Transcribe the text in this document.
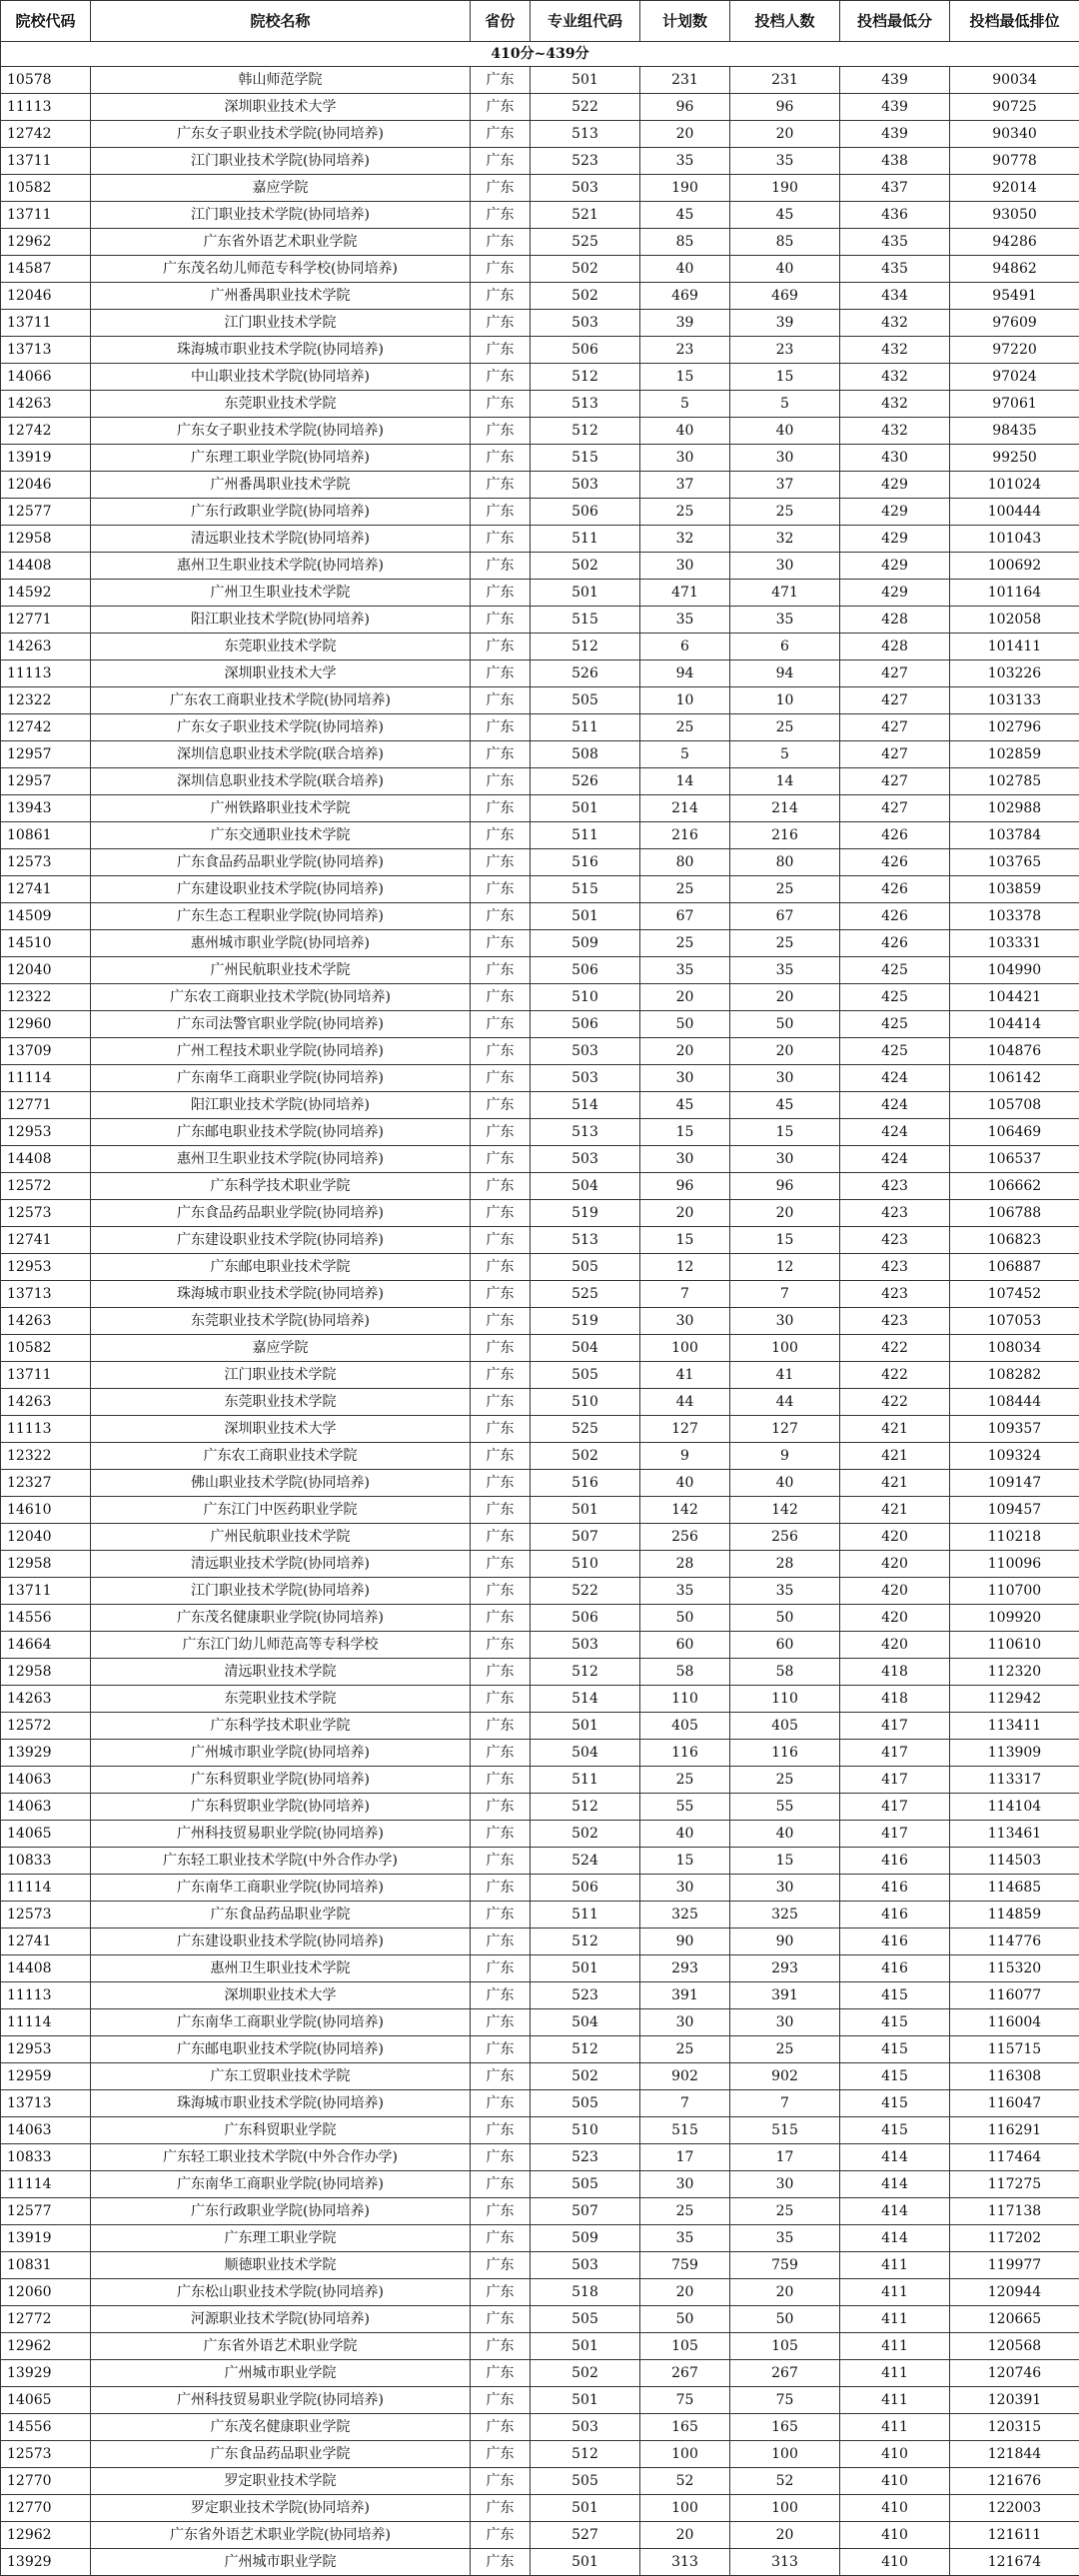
院校代码	院校名称	省份	专业组代码	计划数	投档人数	投档最低分	投档最低排位
410分~439分							
10578	韩山师范学院	广东	501	231	231	439	90034
11113	深圳职业技术大学	广东	522	96	96	439	90725
12742	广东女子职业技术学院(协同培养)	广东	513	20	20	439	90340
13711	江门职业技术学院(协同培养)	广东	523	35	35	438	90778
10582	嘉应学院	广东	503	190	190	437	92014
13711	江门职业技术学院(协同培养)	广东	521	45	45	436	93050
12962	广东省外语艺术职业学院	广东	525	85	85	435	94286
14587	广东茂名幼儿师范专科学校(协同培养)	广东	502	40	40	435	94862
12046	广州番禺职业技术学院	广东	502	469	469	434	95491
13711	江门职业技术学院	广东	503	39	39	432	97609
13713	珠海城市职业技术学院(协同培养)	广东	506	23	23	432	97220
14066	中山职业技术学院(协同培养)	广东	512	15	15	432	97024
14263	东莞职业技术学院	广东	513	5	5	432	97061
12742	广东女子职业技术学院(协同培养)	广东	512	40	40	432	98435
13919	广东理工职业学院(协同培养)	广东	515	30	30	430	99250
12046	广州番禺职业技术学院	广东	503	37	37	429	101024
12577	广东行政职业学院(协同培养)	广东	506	25	25	429	100444
12958	清远职业技术学院(协同培养)	广东	511	32	32	429	101043
14408	惠州卫生职业技术学院(协同培养)	广东	502	30	30	429	100692
14592	广州卫生职业技术学院	广东	501	471	471	429	101164
12771	阳江职业技术学院(协同培养)	广东	515	35	35	428	102058
14263	东莞职业技术学院	广东	512	6	6	428	101411
11113	深圳职业技术大学	广东	526	94	94	427	103226
12322	广东农工商职业技术学院(协同培养)	广东	505	10	10	427	103133
12742	广东女子职业技术学院(协同培养)	广东	511	25	25	427	102796
12957	深圳信息职业技术学院(联合培养)	广东	508	5	5	427	102859
12957	深圳信息职业技术学院(联合培养)	广东	526	14	14	427	102785
13943	广州铁路职业技术学院	广东	501	214	214	427	102988
10861	广东交通职业技术学院	广东	511	216	216	426	103784
12573	广东食品药品职业学院(协同培养)	广东	516	80	80	426	103765
12741	广东建设职业技术学院(协同培养)	广东	515	25	25	426	103859
14509	广东生态工程职业学院(协同培养)	广东	501	67	67	426	103378
14510	惠州城市职业学院(协同培养)	广东	509	25	25	426	103331
12040	广州民航职业技术学院	广东	506	35	35	425	104990
12322	广东农工商职业技术学院(协同培养)	广东	510	20	20	425	104421
12960	广东司法警官职业学院(协同培养)	广东	506	50	50	425	104414
13709	广州工程技术职业学院(协同培养)	广东	503	20	20	425	104876
11114	广东南华工商职业学院(协同培养)	广东	503	30	30	424	106142
12771	阳江职业技术学院(协同培养)	广东	514	45	45	424	105708
12953	广东邮电职业技术学院(协同培养)	广东	513	15	15	424	106469
14408	惠州卫生职业技术学院(协同培养)	广东	503	30	30	424	106537
12572	广东科学技术职业学院	广东	504	96	96	423	106662
12573	广东食品药品职业学院(协同培养)	广东	519	20	20	423	106788
12741	广东建设职业技术学院(协同培养)	广东	513	15	15	423	106823
12953	广东邮电职业技术学院	广东	505	12	12	423	106887
13713	珠海城市职业技术学院(协同培养)	广东	525	7	7	423	107452
14263	东莞职业技术学院(协同培养)	广东	519	30	30	423	107053
10582	嘉应学院	广东	504	100	100	422	108034
13711	江门职业技术学院	广东	505	41	41	422	108282
14263	东莞职业技术学院	广东	510	44	44	422	108444
11113	深圳职业技术大学	广东	525	127	127	421	109357
12322	广东农工商职业技术学院	广东	502	9	9	421	109324
12327	佛山职业技术学院(协同培养)	广东	516	40	40	421	109147
14610	广东江门中医药职业学院	广东	501	142	142	421	109457
12040	广州民航职业技术学院	广东	507	256	256	420	110218
12958	清远职业技术学院(协同培养)	广东	510	28	28	420	110096
13711	江门职业技术学院(协同培养)	广东	522	35	35	420	110700
14556	广东茂名健康职业学院(协同培养)	广东	506	50	50	420	109920
14664	广东江门幼儿师范高等专科学校	广东	503	60	60	420	110610
12958	清远职业技术学院	广东	512	58	58	418	112320
14263	东莞职业技术学院	广东	514	110	110	418	112942
12572	广东科学技术职业学院	广东	501	405	405	417	113411
13929	广州城市职业学院(协同培养)	广东	504	116	116	417	113909
14063	广东科贸职业学院(协同培养)	广东	511	25	25	417	113317
14063	广东科贸职业学院(协同培养)	广东	512	55	55	417	114104
14065	广州科技贸易职业学院(协同培养)	广东	502	40	40	417	113461
10833	广东轻工职业技术学院(中外合作办学)	广东	524	15	15	416	114503
11114	广东南华工商职业学院(协同培养)	广东	506	30	30	416	114685
12573	广东食品药品职业学院	广东	511	325	325	416	114859
12741	广东建设职业技术学院(协同培养)	广东	512	90	90	416	114776
14408	惠州卫生职业技术学院	广东	501	293	293	416	115320
11113	深圳职业技术大学	广东	523	391	391	415	116077
11114	广东南华工商职业学院(协同培养)	广东	504	30	30	415	116004
12953	广东邮电职业技术学院(协同培养)	广东	512	25	25	415	115715
12959	广东工贸职业技术学院	广东	502	902	902	415	116308
13713	珠海城市职业技术学院(协同培养)	广东	505	7	7	415	116047
14063	广东科贸职业学院	广东	510	515	515	415	116291
10833	广东轻工职业技术学院(中外合作办学)	广东	523	17	17	414	117464
11114	广东南华工商职业学院(协同培养)	广东	505	30	30	414	117275
12577	广东行政职业学院(协同培养)	广东	507	25	25	414	117138
13919	广东理工职业学院	广东	509	35	35	414	117202
10831	顺德职业技术学院	广东	503	759	759	411	119977
12060	广东松山职业技术学院(协同培养)	广东	518	20	20	411	120944
12772	河源职业技术学院(协同培养)	广东	505	50	50	411	120665
12962	广东省外语艺术职业学院	广东	501	105	105	411	120568
13929	广州城市职业学院	广东	502	267	267	411	120746
14065	广州科技贸易职业学院(协同培养)	广东	501	75	75	411	120391
14556	广东茂名健康职业学院	广东	503	165	165	411	120315
12573	广东食品药品职业学院	广东	512	100	100	410	121844
12770	罗定职业技术学院	广东	505	52	52	410	121676
12770	罗定职业技术学院(协同培养)	广东	501	100	100	410	122003
12962	广东省外语艺术职业学院(协同培养)	广东	527	20	20	410	121611
13929	广州城市职业学院	广东	501	313	313	410	121674
